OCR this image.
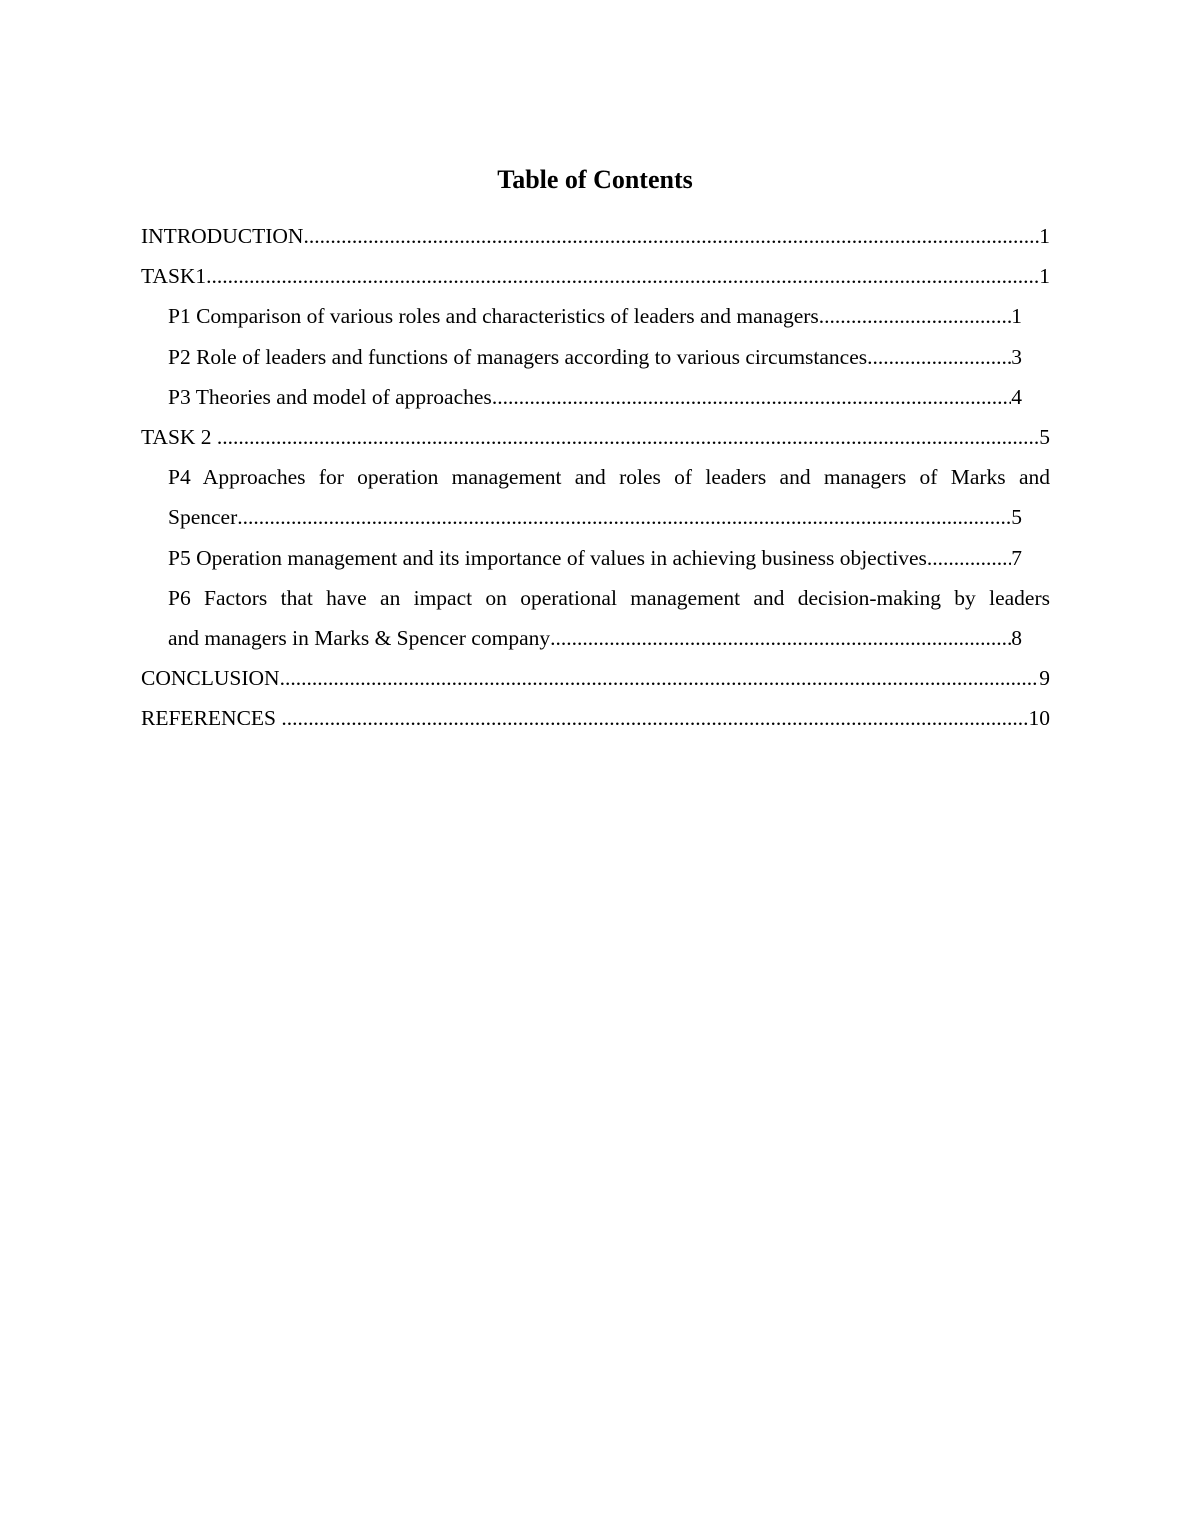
Table of Contents
INTRODUCTION .....	1
TASK1 .....	1
P1 Comparison of various roles and characteristics of leaders and managers .....	1
P2 Role of leaders and functions of managers according to various circumstances .....	3
P3 Theories and model of approaches .....	4
TASK 2 .....	5
P4 Approaches for operation management and roles of leaders and managers of Marks and
Spencer .....	5
P5 Operation management and its importance of values in achieving business objectives .....	7
P6 Factors that have an impact on operational management and decision-making by leaders
and managers in Marks & Spencer company .....	8
CONCLUSION .....	9
REFERENCES .....	10
